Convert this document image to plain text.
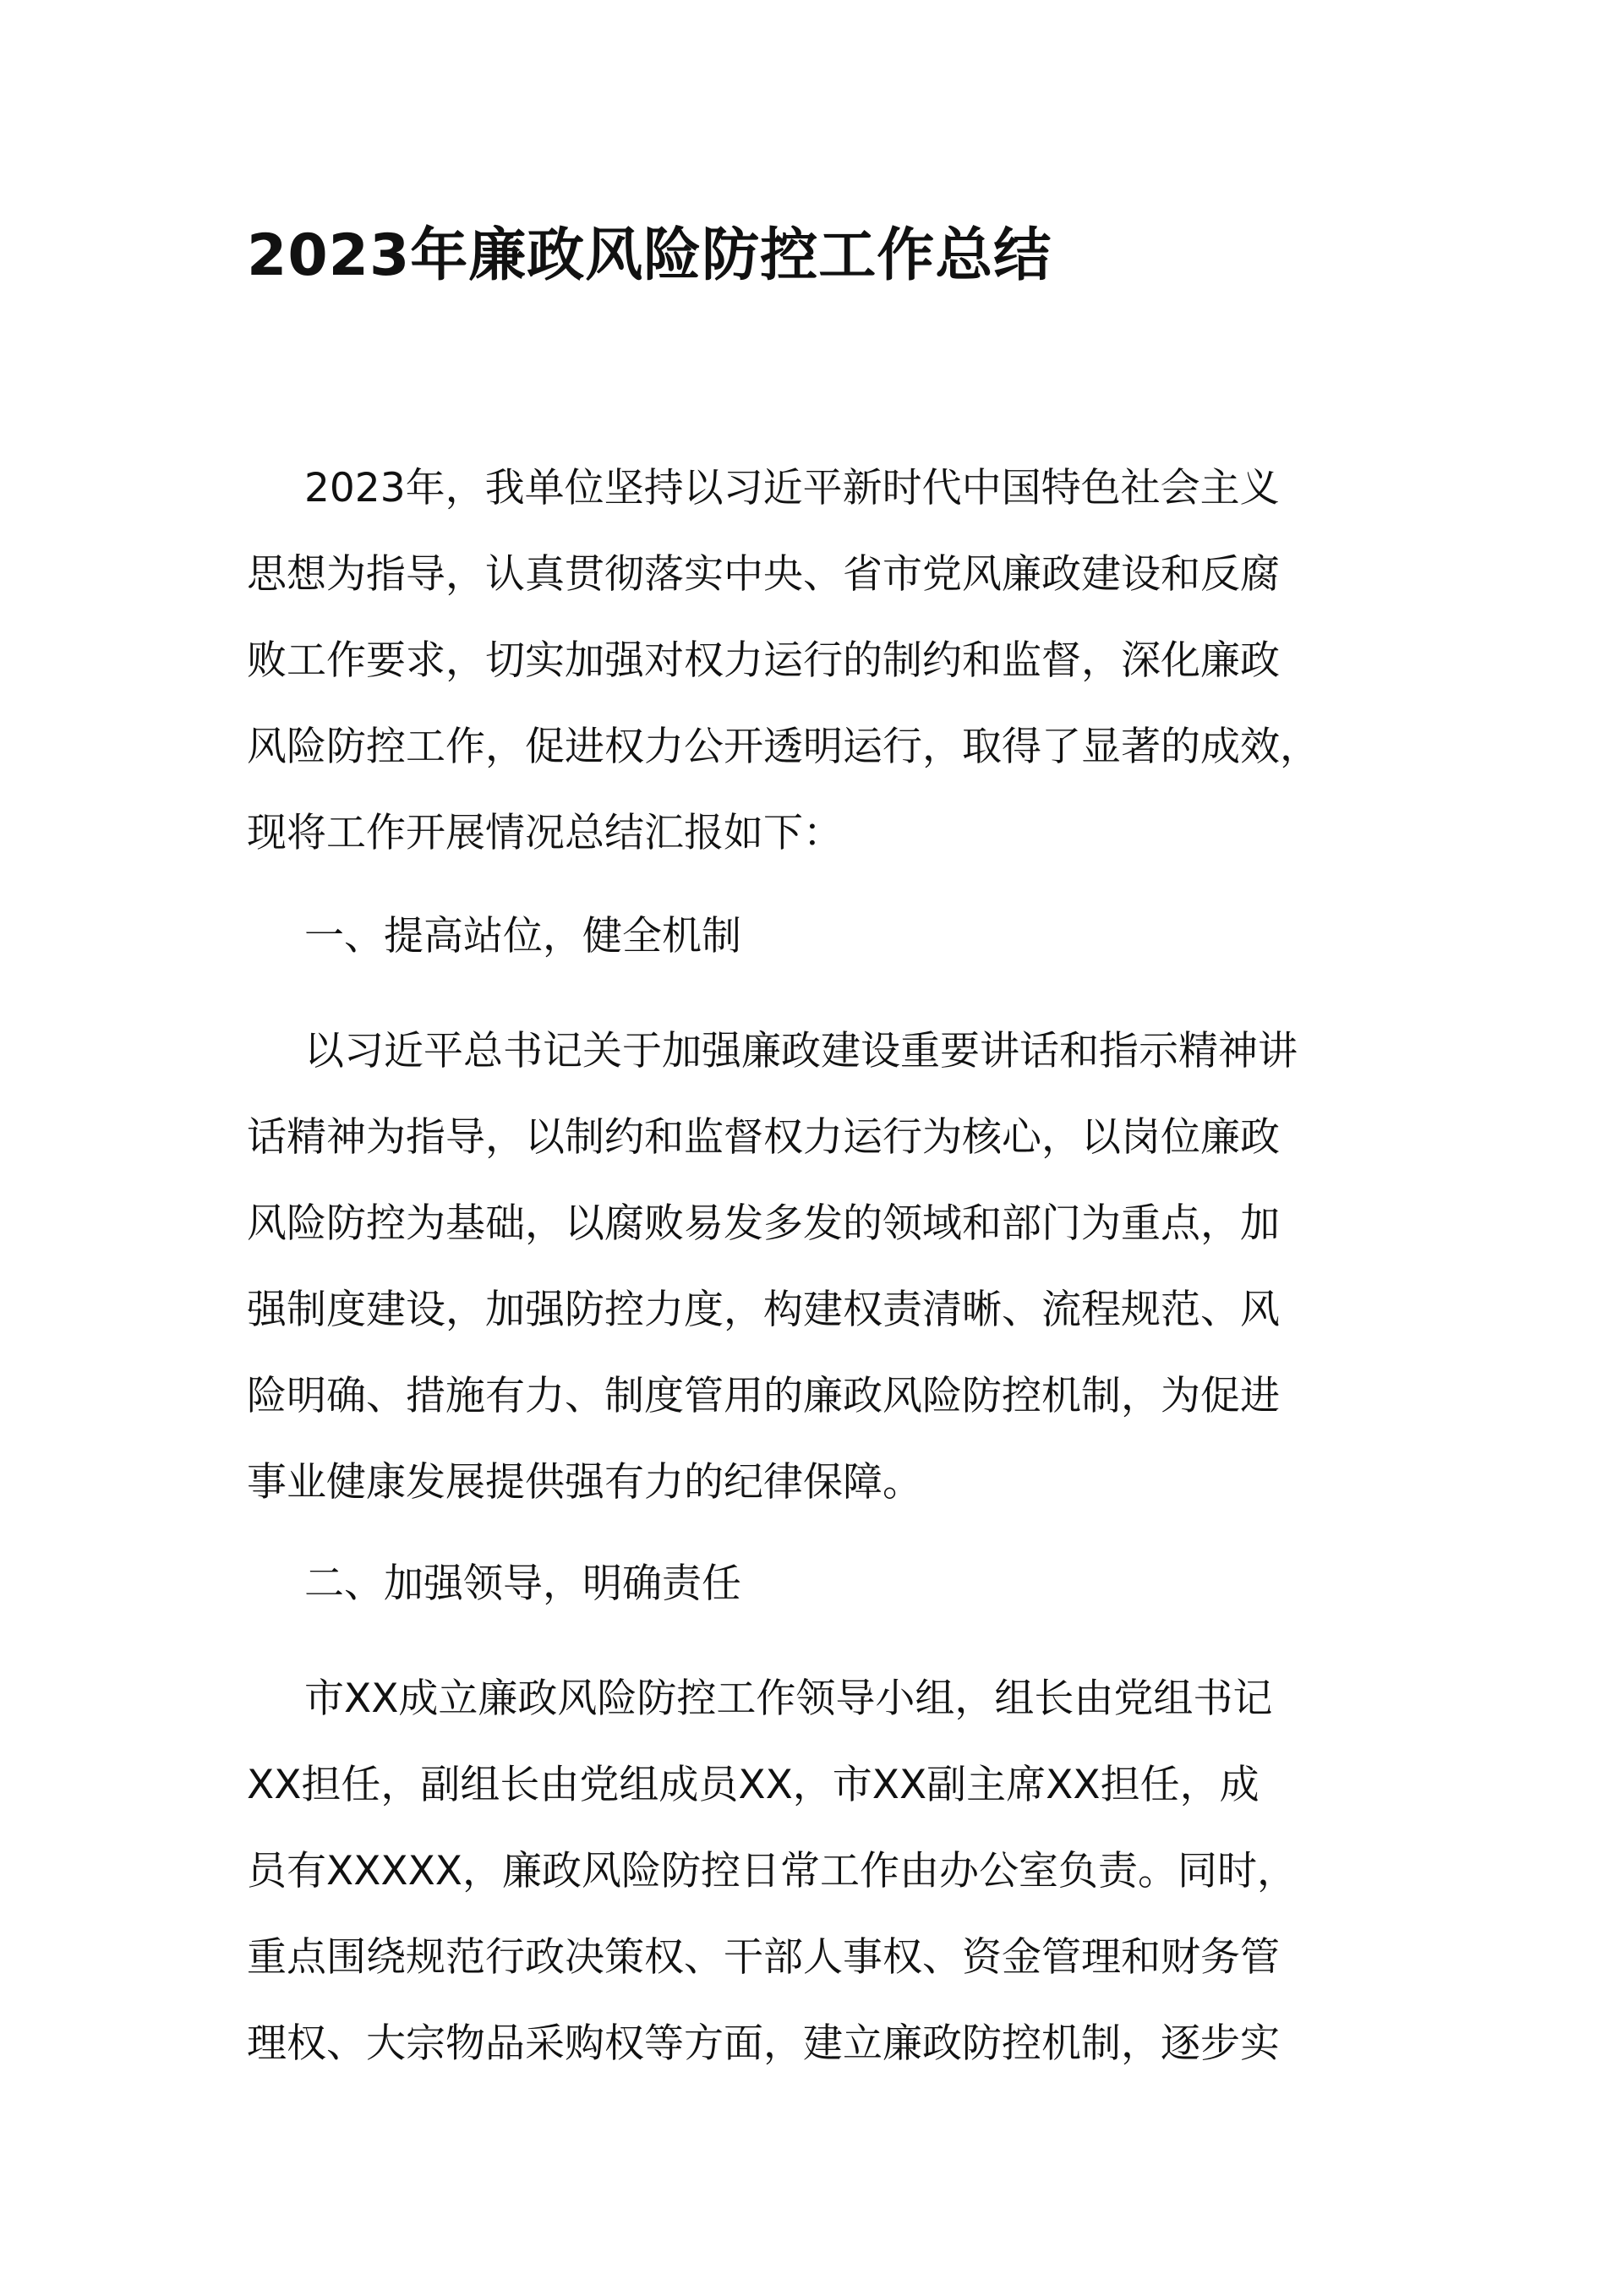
2023年廉政风险防控工作总结
2023年，我单位坚持以习近平新时代中国特色社会主义
思想为指导，认真贯彻落实中央、省市党风廉政建设和反腐
败工作要求，切实加强对权力运行的制约和监督，深化廉政
风险防控工作，促进权力公开透明运行，取得了显著的成效，
现将工作开展情况总结汇报如下：
一、提高站位，健全机制
以习近平总书记关于加强廉政建设重要讲话和指示精神讲
话精神为指导，以制约和监督权力运行为核心，以岗位廉政
风险防控为基础，以腐败易发多发的领域和部门为重点，加
强制度建设，加强防控力度，构建权责清晰、流程规范、风
险明确、措施有力、制度管用的廉政风险防控机制，为促进
事业健康发展提供强有力的纪律保障。
二、加强领导，明确责任
市XX成立廉政风险防控工作领导小组，组长由党组书记
XX担任，副组长由党组成员XX，市XX副主席XX担任，成
员有XXXXX，廉政风险防控日常工作由办公室负责。同时，
重点围绕规范行政决策权、干部人事权、资金管理和财务管
理权、大宗物品采购权等方面，建立廉政防控机制，逐步实
